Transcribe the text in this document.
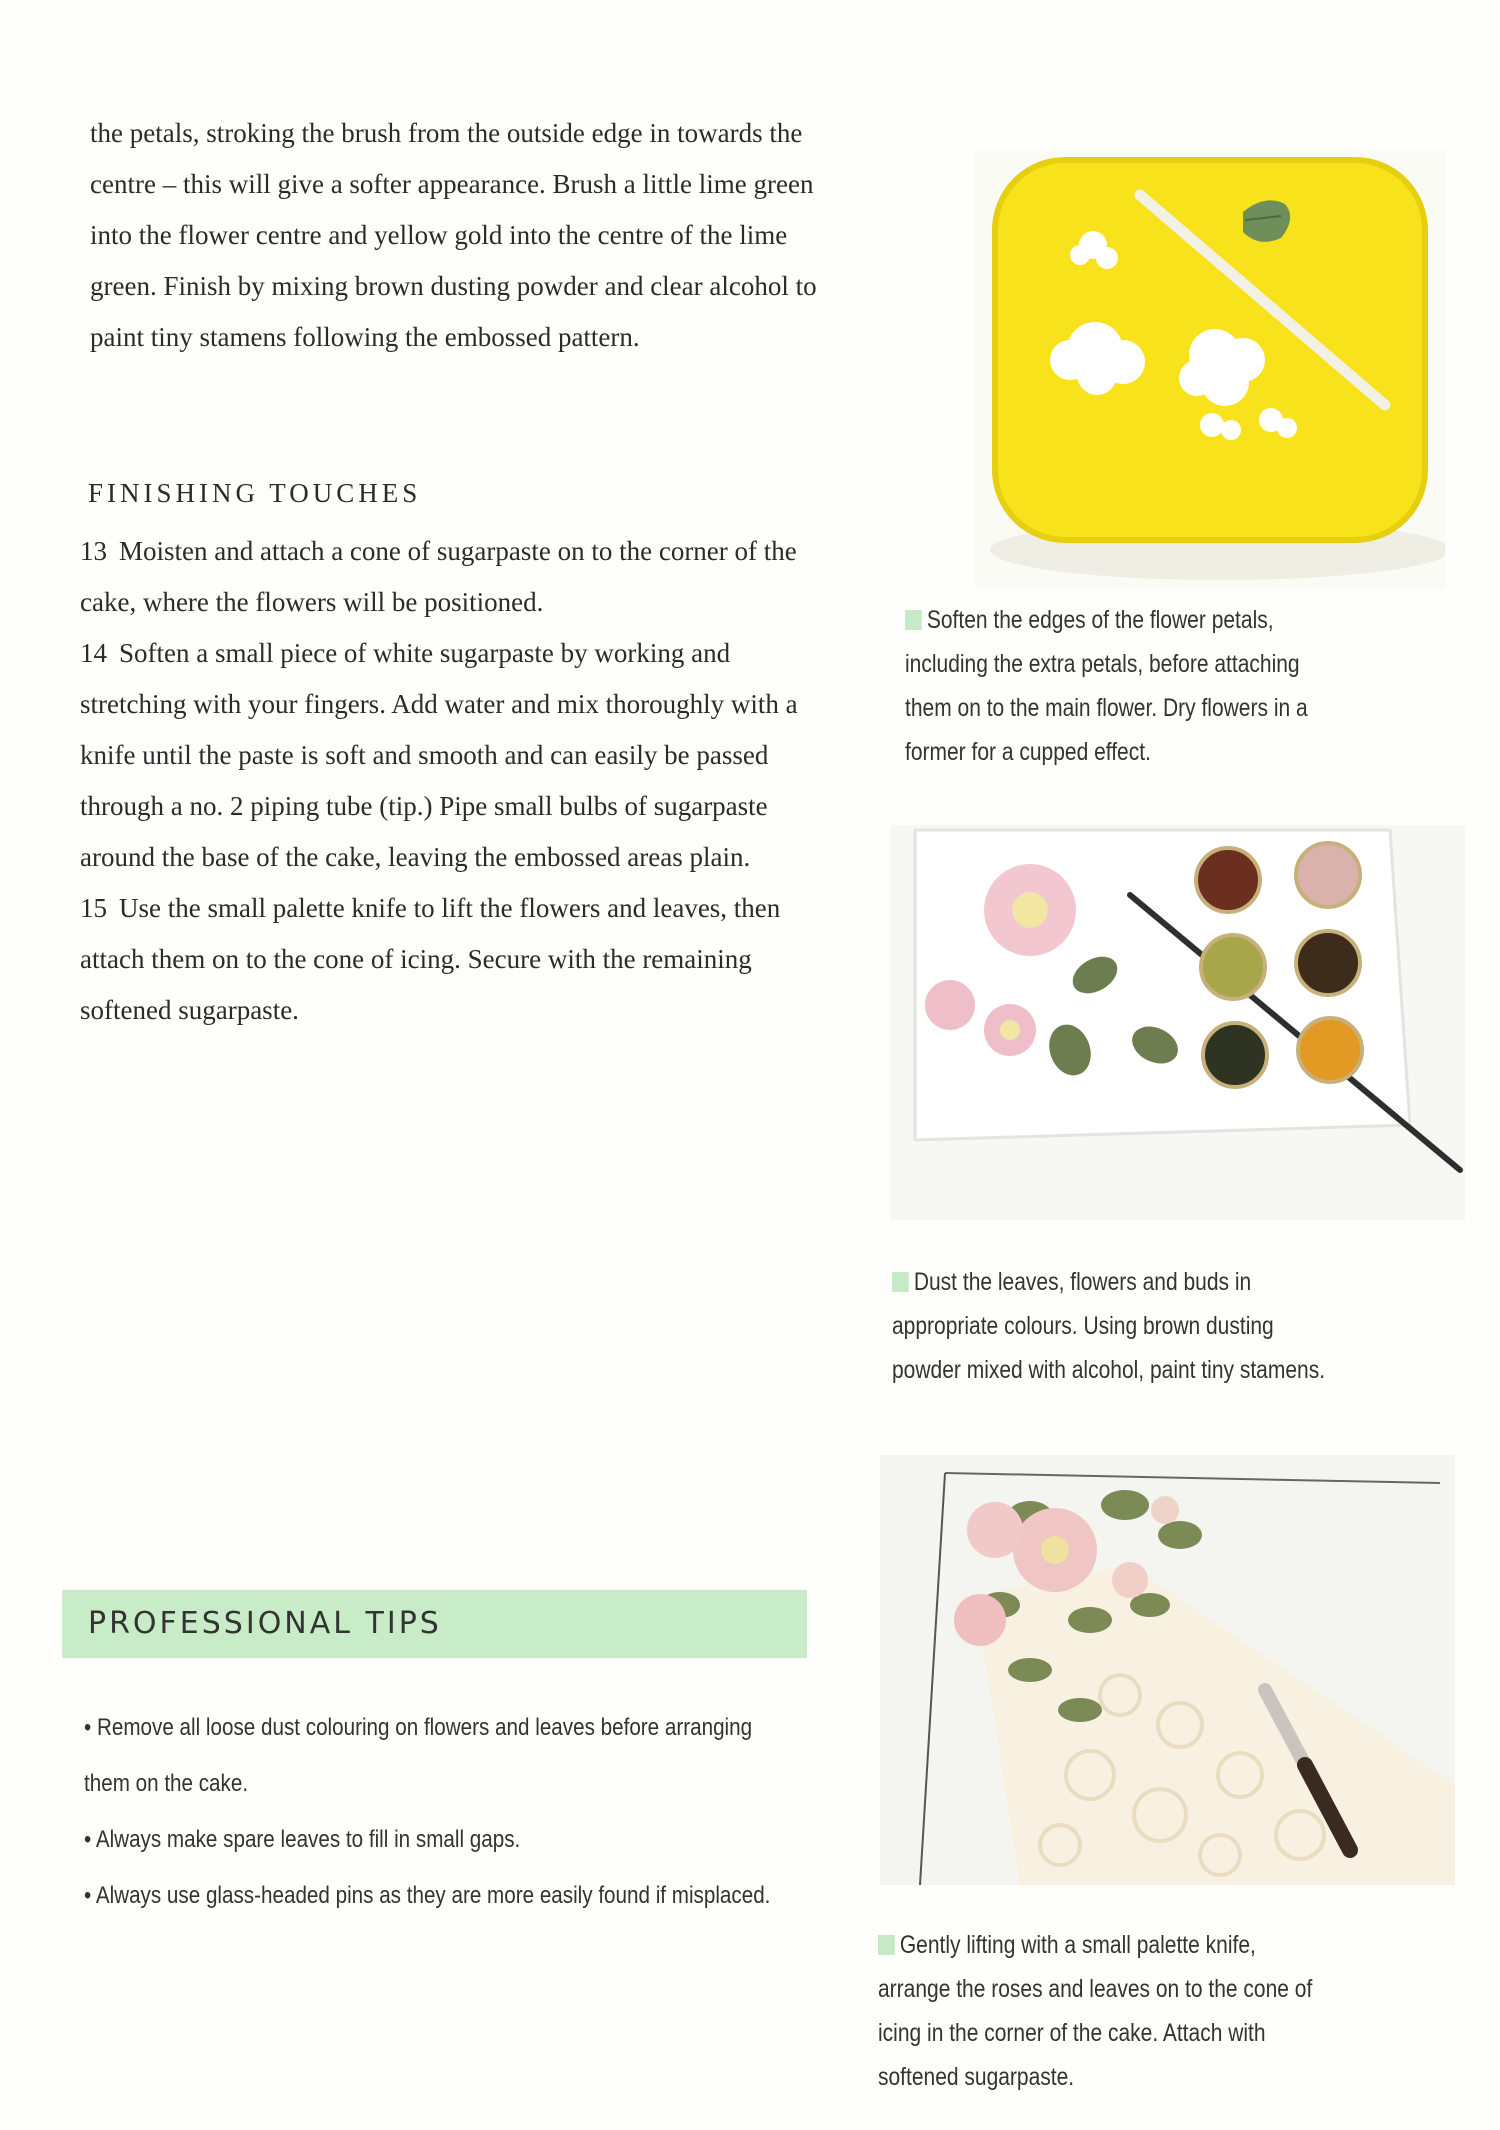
the petals, stroking the brush from the outside edge in towards the centre – this will give a softer appearance. Brush a little lime green into the flower centre and yellow gold into the centre of the lime green. Finish by mixing brown dusting powder and clear alcohol to paint tiny stamens following the embossed pattern.

FINISHING TOUCHES

13 Moisten and attach a cone of sugarpaste on to the corner of the cake, where the flowers will be positioned.

14 Soften a small piece of white sugarpaste by working and stretching with your fingers. Add water and mix thoroughly with a knife until the paste is soft and smooth and can easily be passed through a no. 2 piping tube (tip.) Pipe small bulbs of sugarpaste around the base of the cake, leaving the embossed areas plain.

15 Use the small palette knife to lift the flowers and leaves, then attach them on to the cone of icing. Secure with the remaining softened sugarpaste.

PROFESSIONAL TIPS
• Remove all loose dust colouring on flowers and leaves before arranging them on the cake.
• Always make spare leaves to fill in small gaps.
• Always use glass-headed pins as they are more easily found if misplaced.

Soften the edges of the flower petals, including the extra petals, before attaching them on to the main flower. Dry flowers in a former for a cupped effect.

Dust the leaves, flowers and buds in appropriate colours. Using brown dusting powder mixed with alcohol, paint tiny stamens.

Gently lifting with a small palette knife, arrange the roses and leaves on to the cone of icing in the corner of the cake. Attach with softened sugarpaste.
